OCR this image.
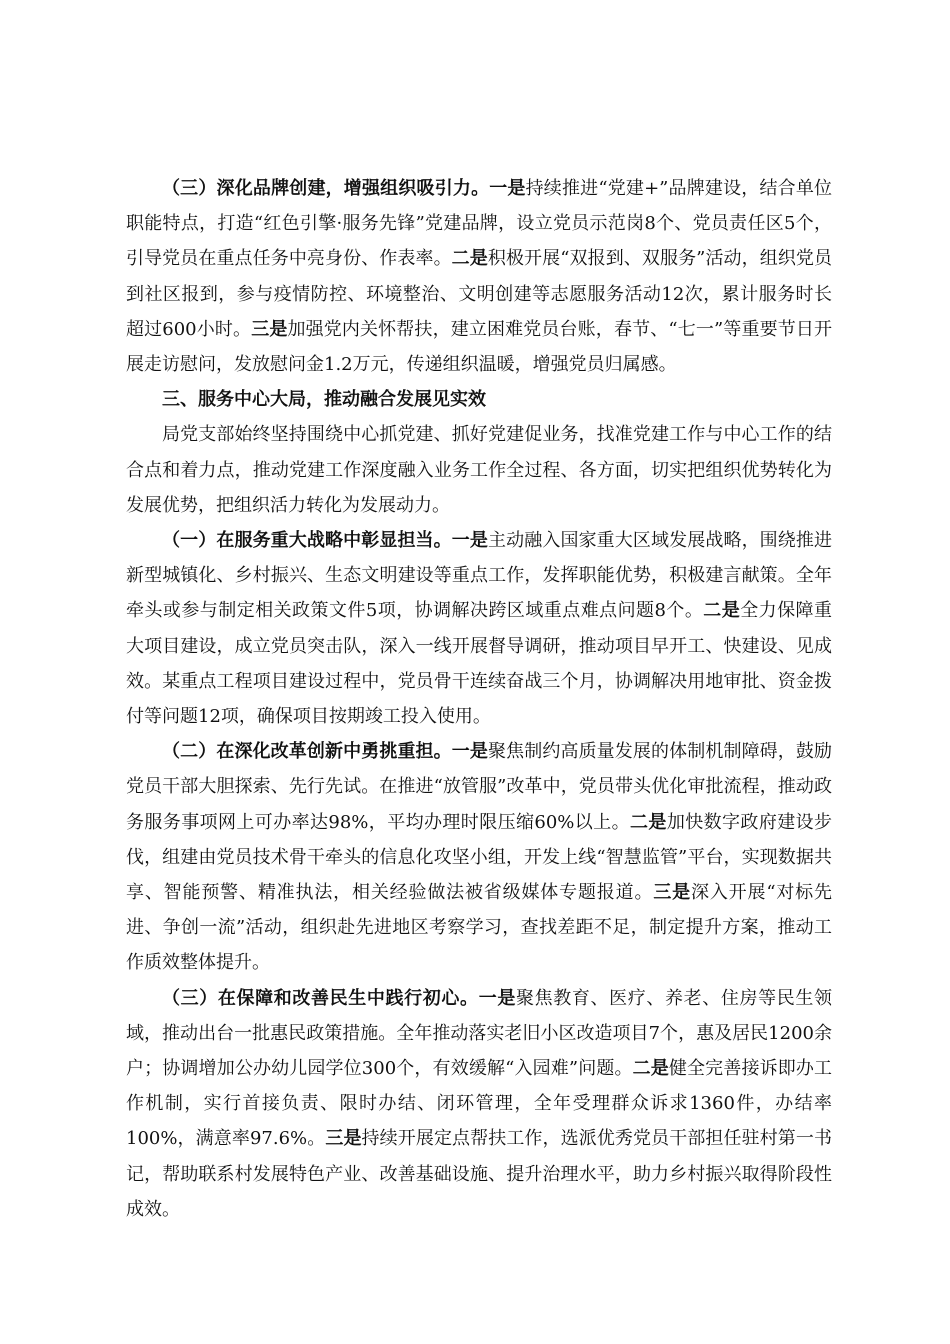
（三）深化品牌创建，增强组织吸引力。一是持续推进“党建+”品牌建设，结合单位职能特点，打造“红色引擎·服务先锋”党建品牌，设立党员示范岗8个、党员责任区5个，引导党员在重点任务中亮身份、作表率。二是积极开展“双报到、双服务”活动，组织党员到社区报到，参与疫情防控、环境整治、文明创建等志愿服务活动12次，累计服务时长超过600小时。三是加强党内关怀帮扶，建立困难党员台账，春节、“七一”等重要节日开展走访慰问，发放慰问金1.2万元，传递组织温暖，增强党员归属感。

三、服务中心大局，推动融合发展见实效

局党支部始终坚持围绕中心抓党建、抓好党建促业务，找准党建工作与中心工作的结合点和着力点，推动党建工作深度融入业务工作全过程、各方面，切实把组织优势转化为发展优势，把组织活力转化为发展动力。

（一）在服务重大战略中彰显担当。一是主动融入国家重大区域发展战略，围绕推进新型城镇化、乡村振兴、生态文明建设等重点工作，发挥职能优势，积极建言献策。全年牵头或参与制定相关政策文件5项，协调解决跨区域重点难点问题8个。二是全力保障重大项目建设，成立党员突击队，深入一线开展督导调研，推动项目早开工、快建设、见成效。某重点工程项目建设过程中，党员骨干连续奋战三个月，协调解决用地审批、资金拨付等问题12项，确保项目按期竣工投入使用。

（二）在深化改革创新中勇挑重担。一是聚焦制约高质量发展的体制机制障碍，鼓励党员干部大胆探索、先行先试。在推进“放管服”改革中，党员带头优化审批流程，推动政务服务事项网上可办率达98%，平均办理时限压缩60%以上。二是加快数字政府建设步伐，组建由党员技术骨干牵头的信息化攻坚小组，开发上线“智慧监管”平台，实现数据共享、智能预警、精准执法，相关经验做法被省级媒体专题报道。三是深入开展“对标先进、争创一流”活动，组织赴先进地区考察学习，查找差距不足，制定提升方案，推动工作质效整体提升。

（三）在保障和改善民生中践行初心。一是聚焦教育、医疗、养老、住房等民生领域，推动出台一批惠民政策措施。全年推动落实老旧小区改造项目7个，惠及居民1200余户；协调增加公办幼儿园学位300个，有效缓解“入园难”问题。二是健全完善接诉即办工作机制，实行首接负责、限时办结、闭环管理，全年受理群众诉求1360件，办结率100%，满意率97.6%。三是持续开展定点帮扶工作，选派优秀党员干部担任驻村第一书记，帮助联系村发展特色产业、改善基础设施、提升治理水平，助力乡村振兴取得阶段性成效。
